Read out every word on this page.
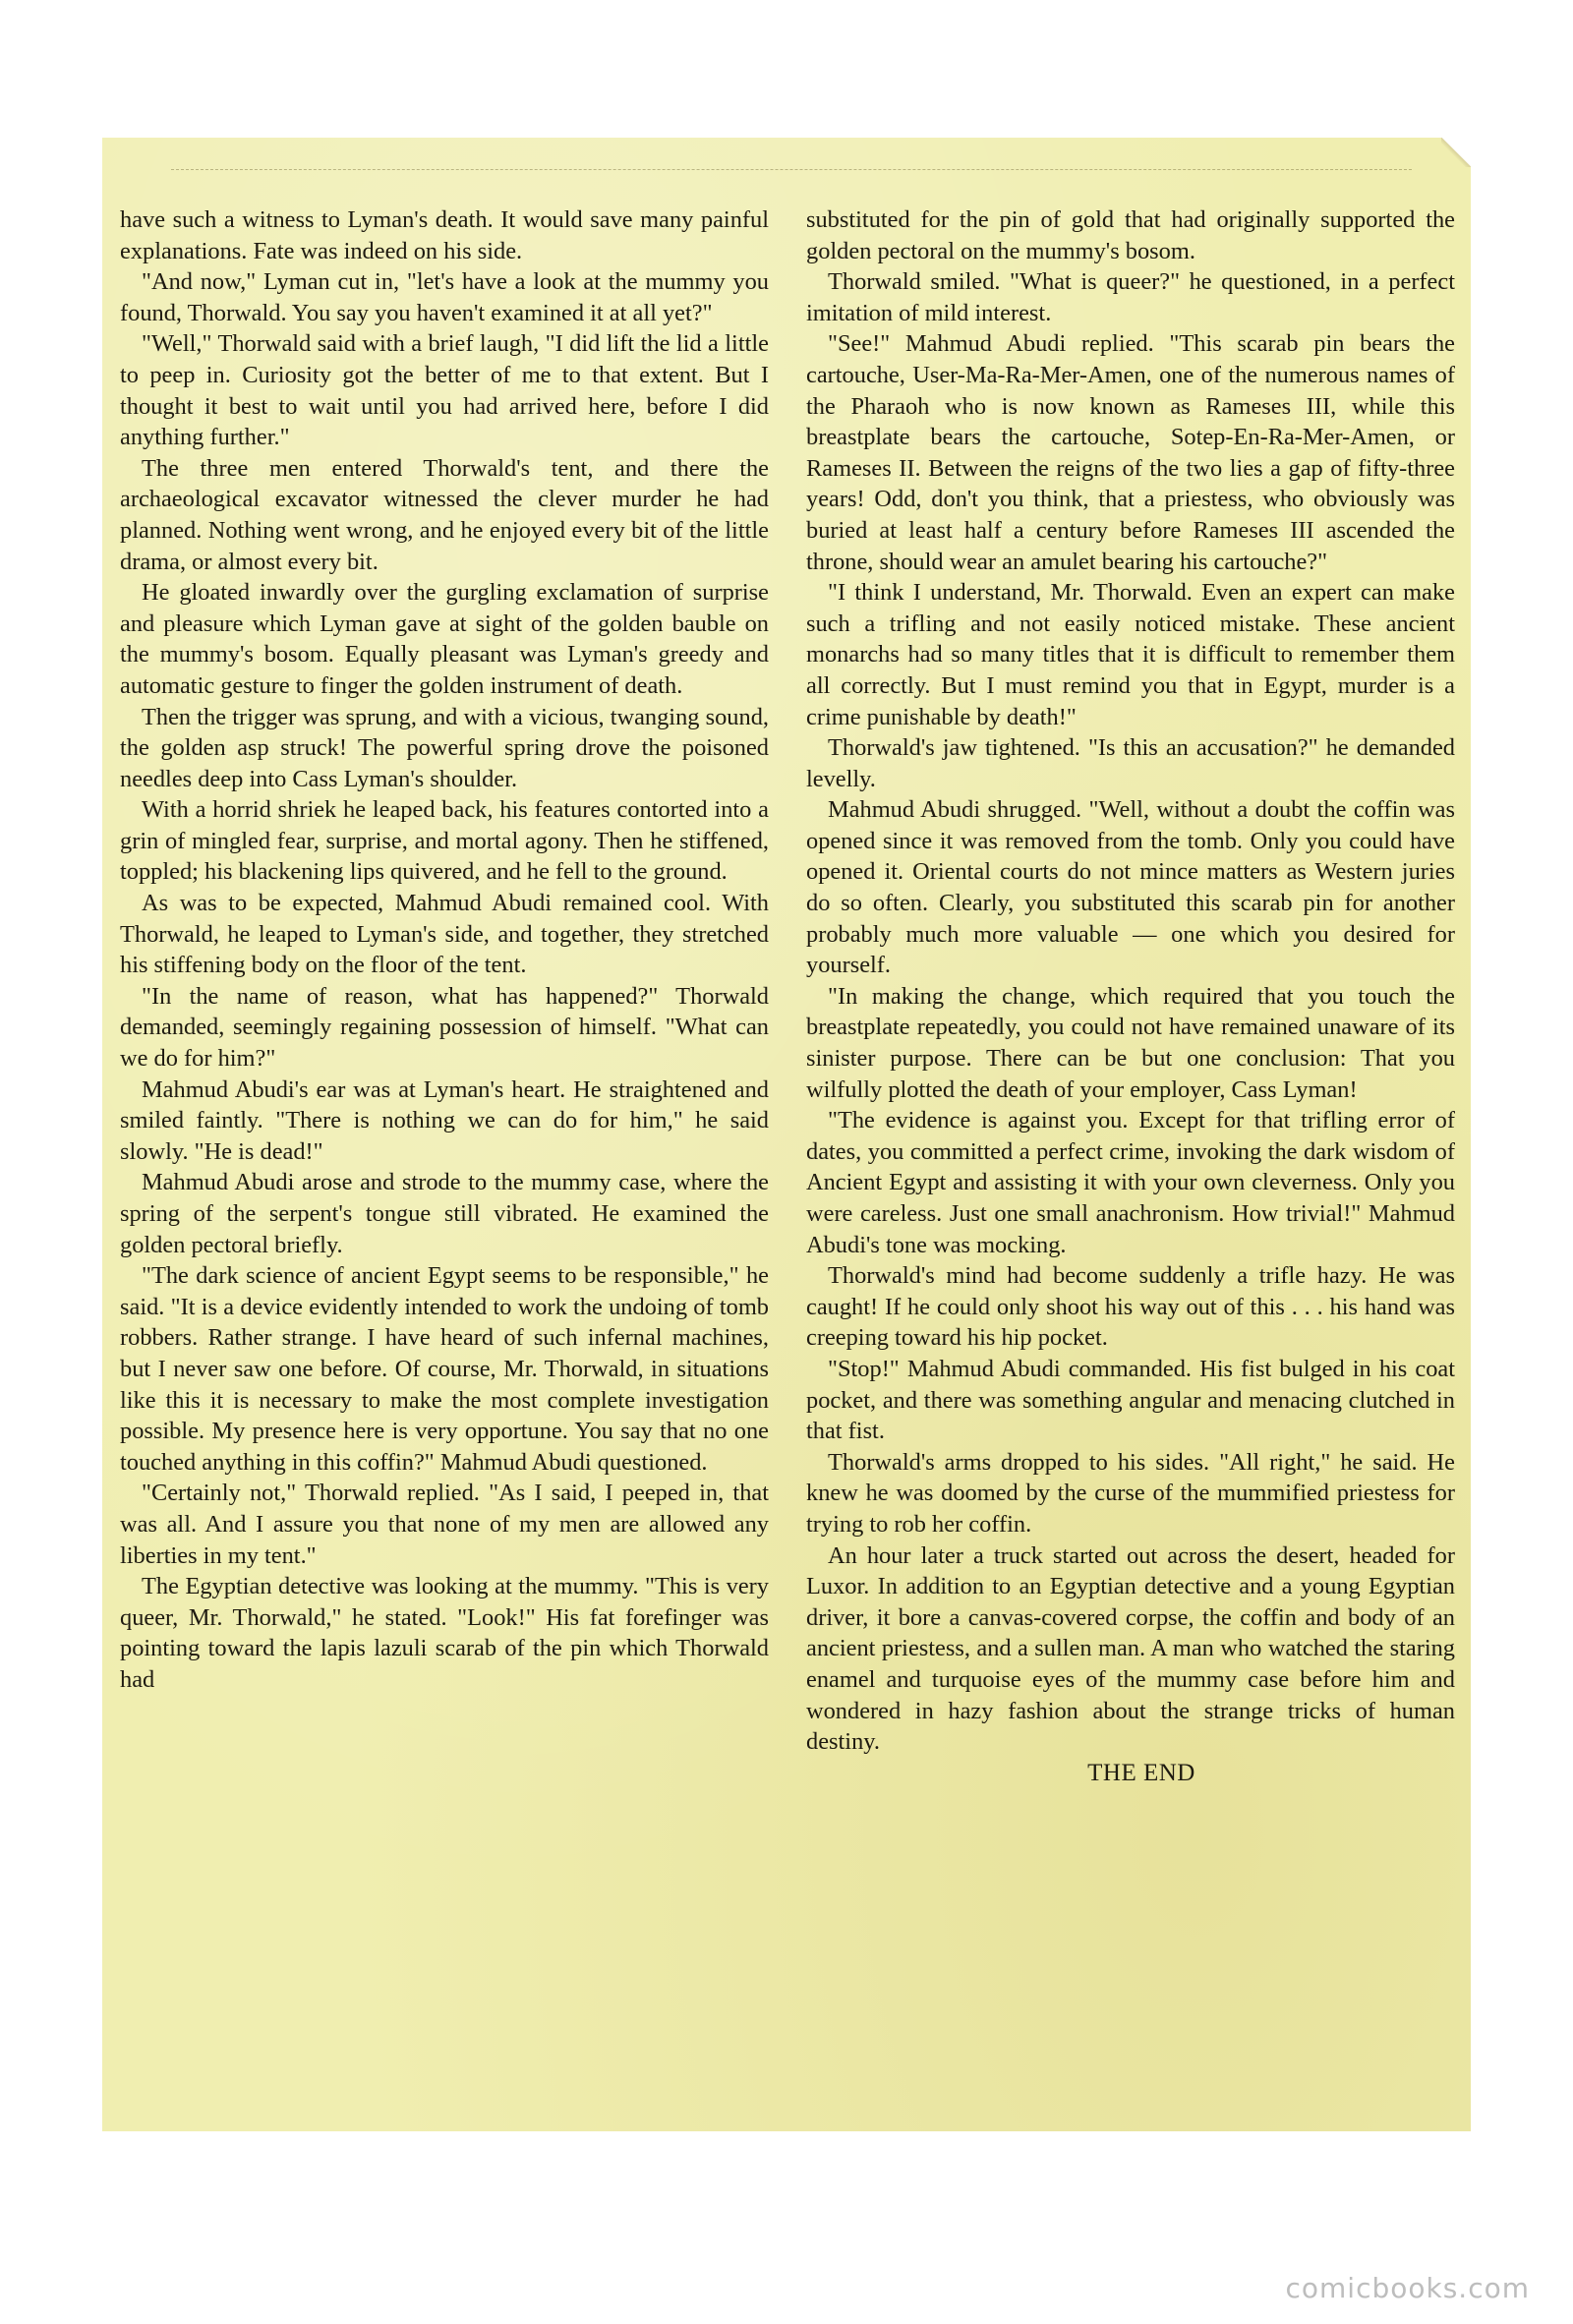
have such a witness to Lyman's death. It would save many painful explanations. Fate was indeed on his side.

"And now," Lyman cut in, "let's have a look at the mummy you found, Thorwald. You say you haven't examined it at all yet?"

"Well," Thorwald said with a brief laugh, "I did lift the lid a little to peep in. Curiosity got the better of me to that extent. But I thought it best to wait until you had arrived here, before I did anything further."

The three men entered Thorwald's tent, and there the archaeological excavator witnessed the clever murder he had planned. Nothing went wrong, and he enjoyed every bit of the little drama, or almost every bit.

He gloated inwardly over the gurgling exclamation of surprise and pleasure which Lyman gave at sight of the golden bauble on the mummy's bosom. Equally pleasant was Lyman's greedy and automatic gesture to finger the golden instrument of death.

Then the trigger was sprung, and with a vicious, twanging sound, the golden asp struck! The powerful spring drove the poisoned needles deep into Cass Lyman's shoulder.

With a horrid shriek he leaped back, his features contorted into a grin of mingled fear, surprise, and mortal agony. Then he stiffened, toppled; his blackening lips quivered, and he fell to the ground.

As was to be expected, Mahmud Abudi remained cool. With Thorwald, he leaped to Lyman's side, and together, they stretched his stiffening body on the floor of the tent.

"In the name of reason, what has happened?" Thorwald demanded, seemingly regaining possession of himself. "What can we do for him?"

Mahmud Abudi's ear was at Lyman's heart. He straightened and smiled faintly. "There is nothing we can do for him," he said slowly. "He is dead!"

Mahmud Abudi arose and strode to the mummy case, where the spring of the serpent's tongue still vibrated. He examined the golden pectoral briefly.

"The dark science of ancient Egypt seems to be responsible," he said. "It is a device evidently intended to work the undoing of tomb robbers. Rather strange. I have heard of such infernal machines, but I never saw one before. Of course, Mr. Thorwald, in situations like this it is necessary to make the most complete investigation possible. My presence here is very opportune. You say that no one touched anything in this coffin?" Mahmud Abudi questioned.

"Certainly not," Thorwald replied. "As I said, I peeped in, that was all. And I assure you that none of my men are allowed any liberties in my tent."

The Egyptian detective was looking at the mummy. "This is very queer, Mr. Thorwald," he stated. "Look!" His fat forefinger was pointing toward the lapis lazuli scarab of the pin which Thorwald had

substituted for the pin of gold that had originally supported the golden pectoral on the mummy's bosom.

Thorwald smiled. "What is queer?" he questioned, in a perfect imitation of mild interest.

"See!" Mahmud Abudi replied. "This scarab pin bears the cartouche, User-Ma-Ra-Mer-Amen, one of the numerous names of the Pharaoh who is now known as Rameses III, while this breastplate bears the cartouche, Sotep-En-Ra-Mer-Amen, or Rameses II. Between the reigns of the two lies a gap of fifty-three years! Odd, don't you think, that a priestess, who obviously was buried at least half a century before Rameses III ascended the throne, should wear an amulet bearing his cartouche?"

"I think I understand, Mr. Thorwald. Even an expert can make such a trifling and not easily noticed mistake. These ancient monarchs had so many titles that it is difficult to remember them all correctly. But I must remind you that in Egypt, murder is a crime punishable by death!"

Thorwald's jaw tightened. "Is this an accusation?" he demanded levelly.

Mahmud Abudi shrugged. "Well, without a doubt the coffin was opened since it was removed from the tomb. Only you could have opened it. Oriental courts do not mince matters as Western juries do so often. Clearly, you substituted this scarab pin for another probably much more valuable — one which you desired for yourself.

"In making the change, which required that you touch the breastplate repeatedly, you could not have remained unaware of its sinister purpose. There can be but one conclusion: That you wilfully plotted the death of your employer, Cass Lyman!

"The evidence is against you. Except for that trifling error of dates, you committed a perfect crime, invoking the dark wisdom of Ancient Egypt and assisting it with your own cleverness. Only you were careless. Just one small anachronism. How trivial!" Mahmud Abudi's tone was mocking.

Thorwald's mind had become suddenly a trifle hazy. He was caught! If he could only shoot his way out of this . . . his hand was creeping toward his hip pocket.

"Stop!" Mahmud Abudi commanded. His fist bulged in his coat pocket, and there was something angular and menacing clutched in that fist.

Thorwald's arms dropped to his sides. "All right," he said. He knew he was doomed by the curse of the mummified priestess for trying to rob her coffin.

An hour later a truck started out across the desert, headed for Luxor. In addition to an Egyptian detective and a young Egyptian driver, it bore a canvas-covered corpse, the coffin and body of an ancient priestess, and a sullen man. A man who watched the staring enamel and turquoise eyes of the mummy case before him and wondered in hazy fashion about the strange tricks of human destiny.

THE END

comicbooks.com
